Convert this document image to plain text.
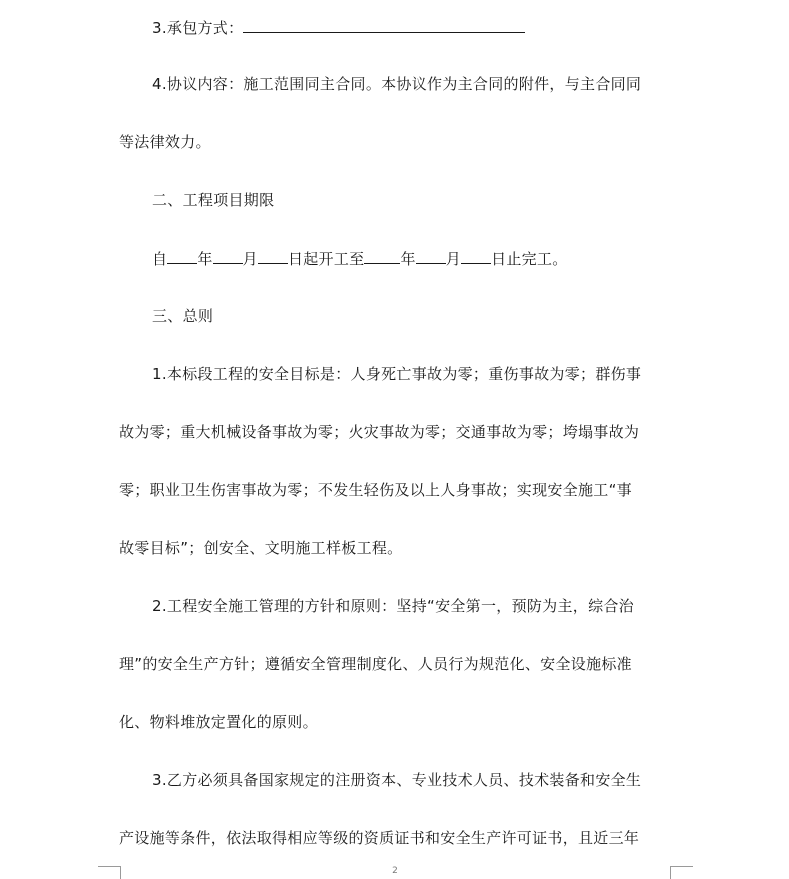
3.承包方式：
4.协议内容：施工范围同主合同。本协议作为主合同的附件，与主合同同
等法律效力。
二、工程项目期限
自 年 月 日起开工至 年 月 日止完工。
三、总则
1.本标段工程的安全目标是：人身死亡事故为零；重伤事故为零；群伤事
故为零；重大机械设备事故为零；火灾事故为零；交通事故为零；垮塌事故为
零；职业卫生伤害事故为零；不发生轻伤及以上人身事故；实现安全施工“事
故零目标”；创安全、文明施工样板工程。
2.工程安全施工管理的方针和原则：坚持“安全第一，预防为主，综合治
理”的安全生产方针；遵循安全管理制度化、人员行为规范化、安全设施标准
化、物料堆放定置化的原则。
3.乙方必须具备国家规定的注册资本、专业技术人员、技术装备和安全生
产设施等条件，依法取得相应等级的资质证书和安全生产许可证书，且近三年
2
